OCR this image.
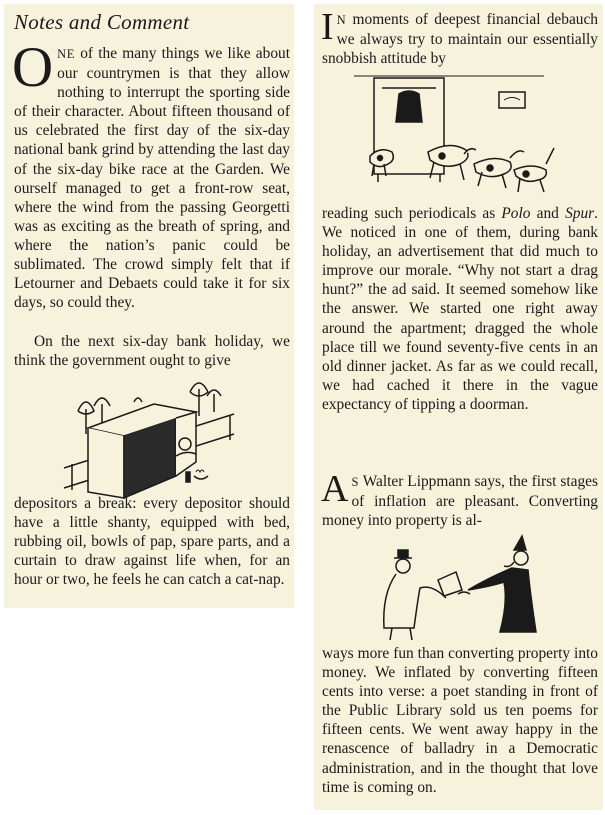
Notes and Comment

ONE of the many things we like about our countrymen is that they allow nothing to interrupt the sporting side of their character. About fifteen thousand of us celebrated the first day of the six-day national bank grind by attending the last day of the six-day bike race at the Garden. We ourself managed to get a front-row seat, where the wind from the passing Georgetti was as exciting as the breath of spring, and where the nation’s panic could be sublimated. The crowd simply felt that if Letourner and Debaets could take it for six days, so could they.

On the next six-day bank holiday, we think the government ought to give

depositors a break: every depositor should have a little shanty, equipped with bed, rubbing oil, bowls of pap, spare parts, and a curtain to draw against life when, for an hour or two, he feels he can catch a cat-nap.

I N moments of deepest financial debauch we always try to maintain our essentially snobbish attitude by

reading such periodicals as Polo and Spur. We noticed in one of them, during bank holiday, an advertisement that did much to improve our morale. “Why not start a drag hunt?” the ad said. It seemed somehow like the answer. We started one right away around the apartment; dragged the whole place till we found seventy-five cents in an old dinner jacket. As far as we could recall, we had cached it there in the vague expectancy of tipping a doorman.

A S Walter Lippmann says, the first stages of inflation are pleasant. Converting money into property is al-

ways more fun than converting property into money. We inflated by converting fifteen cents into verse: a poet standing in front of the Public Library sold us ten poems for fifteen cents. We went away happy in the renascence of balladry in a Democratic administration, and in the thought that love time is coming on.
